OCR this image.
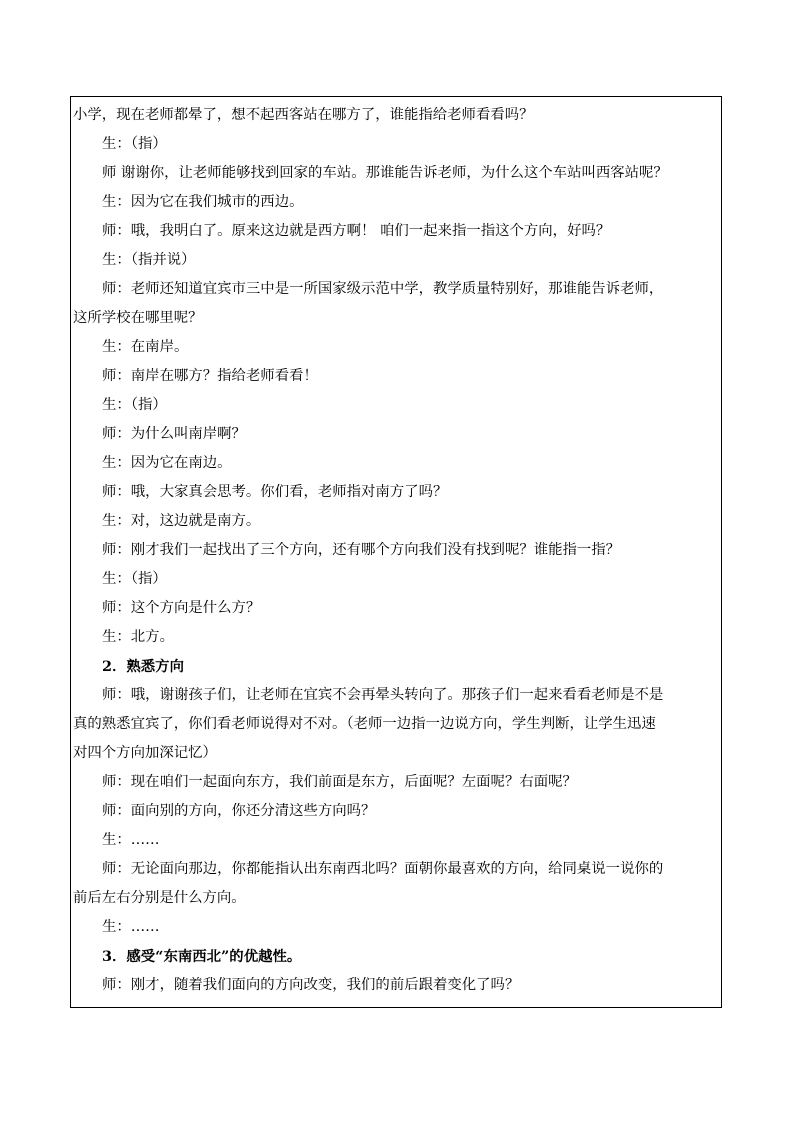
小学，现在老师都晕了，想不起西客站在哪方了，谁能指给老师看看吗？
生：（指）
师 谢谢你，让老师能够找到回家的车站。那谁能告诉老师，为什么这个车站叫西客站呢？
生：因为它在我们城市的西边。
师：哦，我明白了。原来这边就是西方啊！ 咱们一起来指一指这个方向，好吗？
生：（指并说）
师：老师还知道宜宾市三中是一所国家级示范中学，教学质量特别好，那谁能告诉老师，
这所学校在哪里呢？
生：在南岸。
师：南岸在哪方？指给老师看看！
生：（指）
师：为什么叫南岸啊？
生：因为它在南边。
师：哦，大家真会思考。你们看，老师指对南方了吗？
生：对，这边就是南方。
师：刚才我们一起找出了三个方向，还有哪个方向我们没有找到呢？谁能指一指？
生：（指）
师：这个方向是什么方？
生：北方。
2．熟悉方向
师：哦，谢谢孩子们，让老师在宜宾不会再晕头转向了。那孩子们一起来看看老师是不是
真的熟悉宜宾了，你们看老师说得对不对。（老师一边指一边说方向，学生判断，让学生迅速
对四个方向加深记忆）
师：现在咱们一起面向东方，我们前面是东方，后面呢？左面呢？右面呢？
师：面向别的方向，你还分清这些方向吗？
生：……
师：无论面向那边，你都能指认出东南西北吗？面朝你最喜欢的方向，给同桌说一说你的
前后左右分别是什么方向。
生：……
3．感受“东南西北”的优越性。
师：刚才，随着我们面向的方向改变，我们的前后跟着变化了吗？
